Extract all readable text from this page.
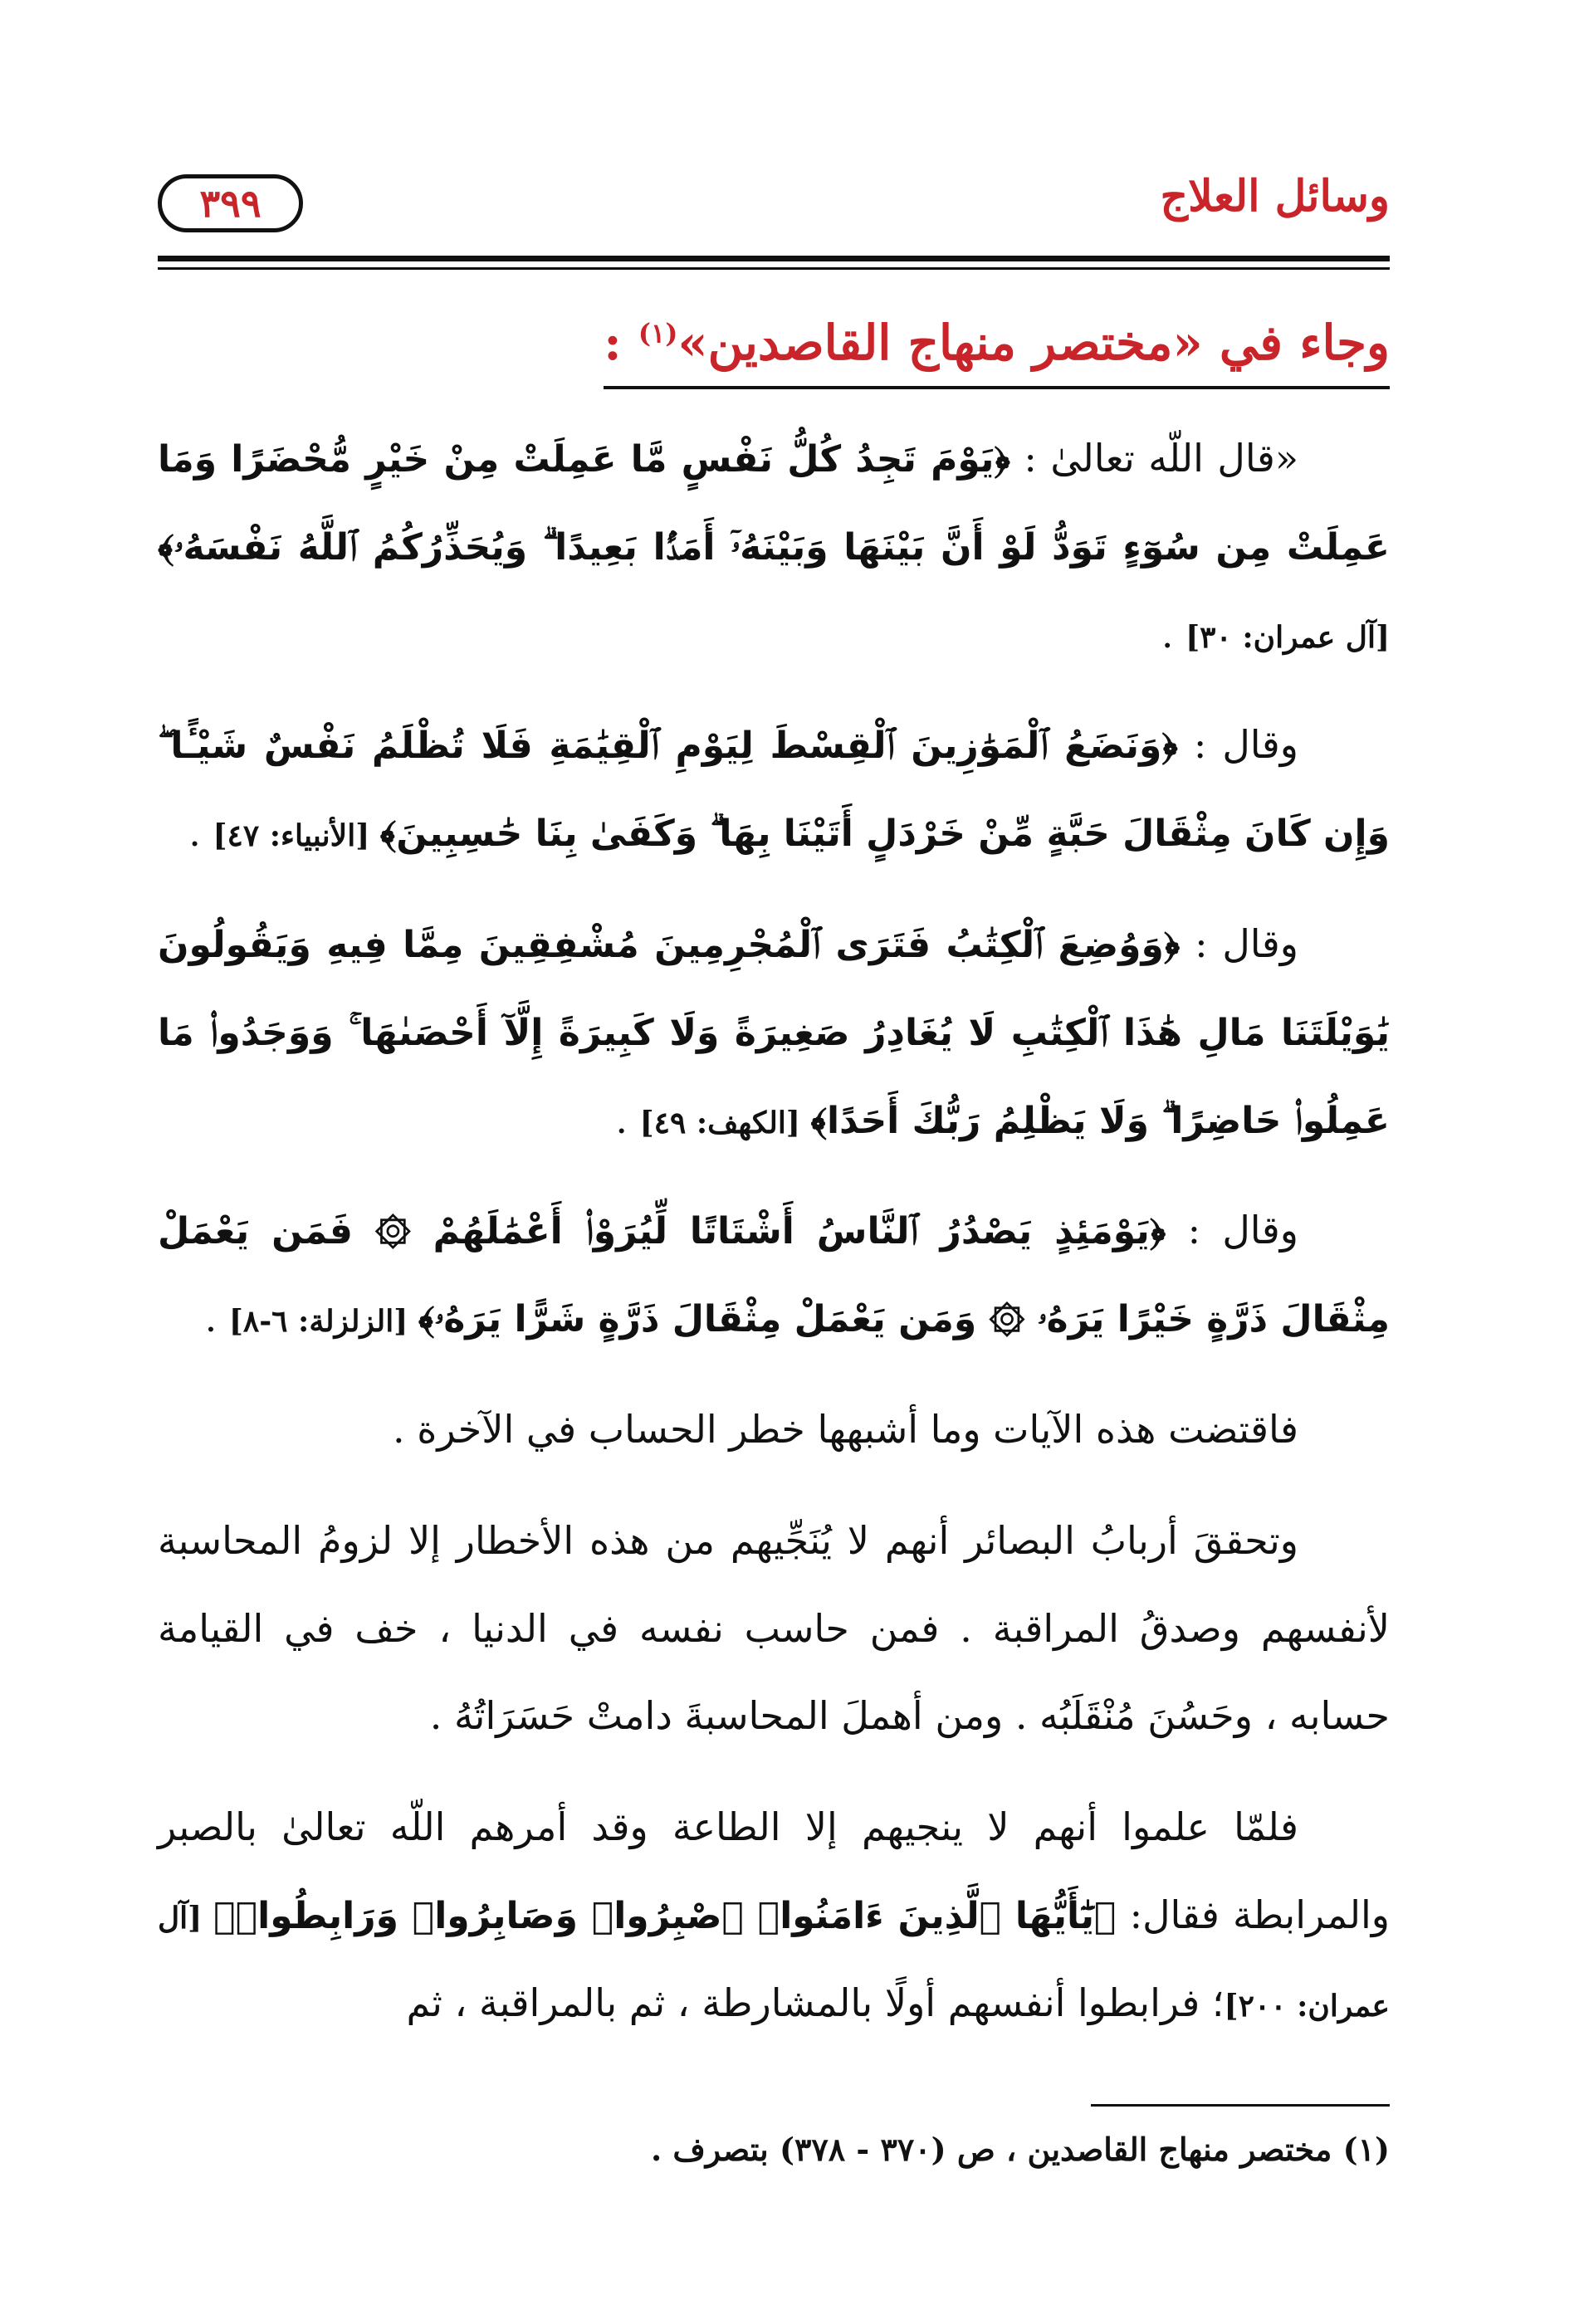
وسائل العلاج
٣٩٩
وجاء في «مختصر منهاج القاصدين»$^{(١)}$ :

«قال اللّه تعالىٰ : ﴿يَوْمَ تَجِدُ كُلُّ نَفْسٍ مَّا عَمِلَتْ مِنْ خَيْرٍ مُّحْضَرًا وَمَا عَمِلَتْ مِن سُوٓءٍ تَوَدُّ لَوْ أَنَّ بَيْنَهَا وَبَيْنَهُۥٓ أَمَدًۢا بَعِيدًا ۗ وَيُحَذِّرُكُمُ ٱللَّهُ نَفْسَهُۥ﴾ [آل عمران: ٣٠] .

وقال : ﴿وَنَضَعُ ٱلْمَوَٰزِينَ ٱلْقِسْطَ لِيَوْمِ ٱلْقِيَٰمَةِ فَلَا تُظْلَمُ نَفْسٌ شَيْـًٔا ۖ وَإِن كَانَ مِثْقَالَ حَبَّةٍ مِّنْ خَرْدَلٍ أَتَيْنَا بِهَا ۗ وَكَفَىٰ بِنَا حَٰسِبِينَ﴾ [الأنبياء: ٤٧] .

وقال : ﴿وَوُضِعَ ٱلْكِتَٰبُ فَتَرَى ٱلْمُجْرِمِينَ مُشْفِقِينَ مِمَّا فِيهِ وَيَقُولُونَ يَٰوَيْلَتَنَا مَالِ هَٰذَا ٱلْكِتَٰبِ لَا يُغَادِرُ صَغِيرَةً وَلَا كَبِيرَةً إِلَّآ أَحْصَىٰهَا ۚ وَوَجَدُوا۟ مَا عَمِلُوا۟ حَاضِرًا ۗ وَلَا يَظْلِمُ رَبُّكَ أَحَدًا﴾ [الكهف: ٤٩] .

وقال : ﴿يَوْمَئِذٍ يَصْدُرُ ٱلنَّاسُ أَشْتَاتًا لِّيُرَوْا۟ أَعْمَٰلَهُمْ ۞ فَمَن يَعْمَلْ مِثْقَالَ ذَرَّةٍ خَيْرًا يَرَهُۥ ۞ وَمَن يَعْمَلْ مِثْقَالَ ذَرَّةٍ شَرًّا يَرَهُۥ﴾ [الزلزلة: ٦-٨] .

فاقتضت هذه الآيات وما أشبهها خطر الحساب في الآخرة .

وتحققَ أربابُ البصائر أنهم لا يُنَجِّيهم من هذه الأخطار إلا لزومُ المحاسبة لأنفسهم وصدقُ المراقبة . فمن حاسب نفسه في الدنيا ، خف في القيامة حسابه ، وحَسُنَ مُنْقَلَبُه . ومن أهملَ المحاسبةَ دامتْ حَسَرَاتُهُ .

فلمّا علموا أنهم لا ينجيهم إلا الطاعة وقد أمرهم اللّه تعالىٰ بالصبر والمرابطة فقال: ﴿يَٰٓأَيُّهَا ٱلَّذِينَ ءَامَنُوا۟ ٱصْبِرُوا۟ وَصَابِرُوا۟ وَرَابِطُوا۟﴾ [آل عمران: ٢٠٠]؛ فرابطوا أنفسهم أولًا بالمشارطة ، ثم بالمراقبة ، ثم

(١) مختصر منهاج القاصدين ، ص (٣٧٠ - ٣٧٨) بتصرف .
